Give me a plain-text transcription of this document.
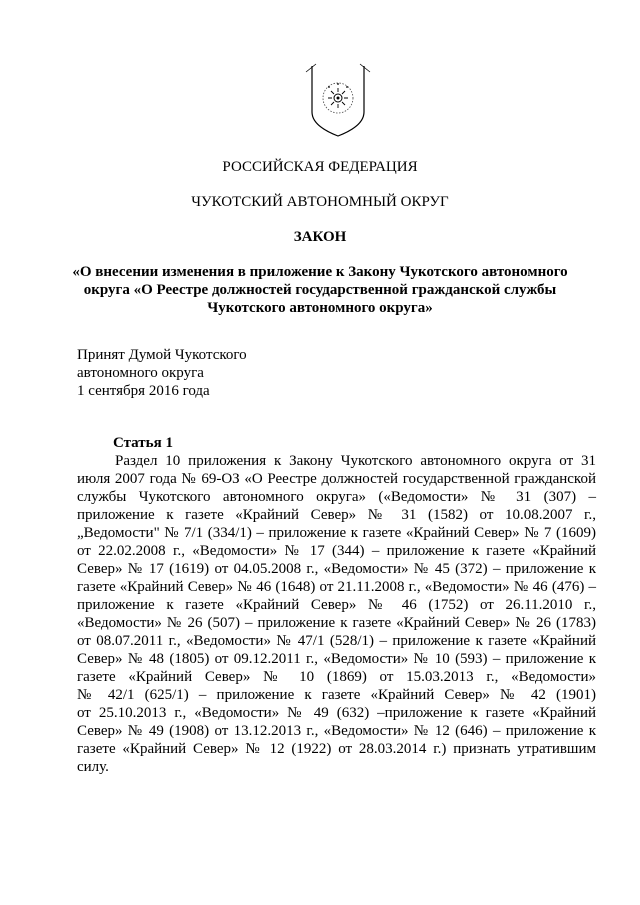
РОССИЙСКАЯ ФЕДЕРАЦИЯ
ЧУКОТСКИЙ АВТОНОМНЫЙ ОКРУГ
ЗАКОН
«О внесении изменения в приложение к Закону Чукотского автономного
округа «О Реестре должностей государственной гражданской службы
Чукотского автономного округа»
Принят Думой Чукотского
автономного округа
1 сентября 2016 года
Статья 1
Раздел 10 приложения к Закону Чукотского автономного округа от 31
июля 2007 года № 69-ОЗ «О Реестре должностей государственной гражданской
службы Чукотского автономного округа» («Ведомости» № 31 (307) –
приложение к газете «Крайний Север» № 31 (1582) от 10.08.2007 г.,
„Ведомости" № 7/1 (334/1) – приложение к газете «Крайний Север» № 7 (1609)
от 22.02.2008 г., «Ведомости» № 17 (344) – приложение к газете «Крайний
Север» № 17 (1619) от 04.05.2008 г., «Ведомости» № 45 (372) – приложение к
газете «Крайний Север» № 46 (1648) от 21.11.2008 г., «Ведомости» № 46 (476) –
приложение к газете «Крайний Север» № 46 (1752) от 26.11.2010 г.,
«Ведомости» № 26 (507) – приложение к газете «Крайний Север» № 26 (1783)
от 08.07.2011 г., «Ведомости» № 47/1 (528/1) – приложение к газете «Крайний
Север» № 48 (1805) от 09.12.2011 г., «Ведомости» № 10 (593) – приложение к
газете «Крайний Север» № 10 (1869) от 15.03.2013 г., «Ведомости»
№ 42/1 (625/1) – приложение к газете «Крайний Север» № 42 (1901)
от 25.10.2013 г., «Ведомости» № 49 (632) –приложение к газете «Крайний
Север» № 49 (1908) от 13.12.2013 г., «Ведомости» № 12 (646) – приложение к
газете «Крайний Север» № 12 (1922) от 28.03.2014 г.) признать утратившим
силу.
